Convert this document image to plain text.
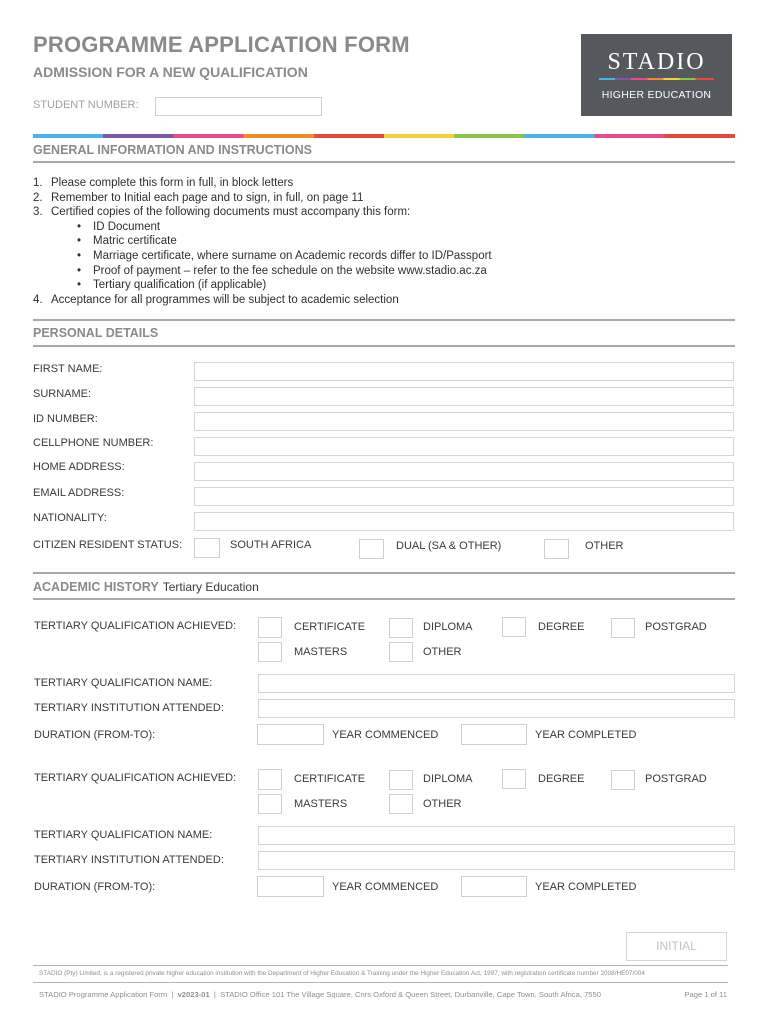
PROGRAMME APPLICATION FORM
ADMISSION FOR A NEW QUALIFICATION
STUDENT NUMBER:
STADIO
HIGHER EDUCATION
GENERAL INFORMATION AND INSTRUCTIONS
1. Please complete this form in full, in block letters
2. Remember to Initial each page and to sign, in full, on page 11
3. Certified copies of the following documents must accompany this form:
• ID Document
• Matric certificate
• Marriage certificate, where surname on Academic records differ to ID/Passport
• Proof of payment – refer to the fee schedule on the website www.stadio.ac.za
• Tertiary qualification (if applicable)
4. Acceptance for all programmes will be subject to academic selection
PERSONAL DETAILS
FIRST NAME:
SURNAME:
ID NUMBER:
CELLPHONE NUMBER:
HOME ADDRESS:
EMAIL ADDRESS:
NATIONALITY:
CITIZEN RESIDENT STATUS:	SOUTH AFRICA	DUAL (SA & OTHER)	OTHER
ACADEMIC HISTORY Tertiary Education
TERTIARY QUALIFICATION ACHIEVED:	CERTIFICATE	DIPLOMA	DEGREE	POSTGRAD
MASTERS	OTHER
TERTIARY QUALIFICATION NAME:
TERTIARY INSTITUTION ATTENDED:
DURATION (FROM-TO):	YEAR COMMENCED	YEAR COMPLETED
TERTIARY QUALIFICATION ACHIEVED:	CERTIFICATE	DIPLOMA	DEGREE	POSTGRAD
MASTERS	OTHER
TERTIARY QUALIFICATION NAME:
TERTIARY INSTITUTION ATTENDED:
DURATION (FROM-TO):	YEAR COMMENCED	YEAR COMPLETED
INITIAL
STADIO (Pty) Limited, is a registered private higher education institution with the Department of Higher Education & Training under the Higher Education Act, 1997, with registration certificate number 2008/HE07/004
STADIO Programme Application Form  |  v2023-01  |  STADIO Office 101 The Village Square, Cnrs Oxford & Queen Street, Durbanville, Cape Town, South Africa, 7550	Page 1 of 11
